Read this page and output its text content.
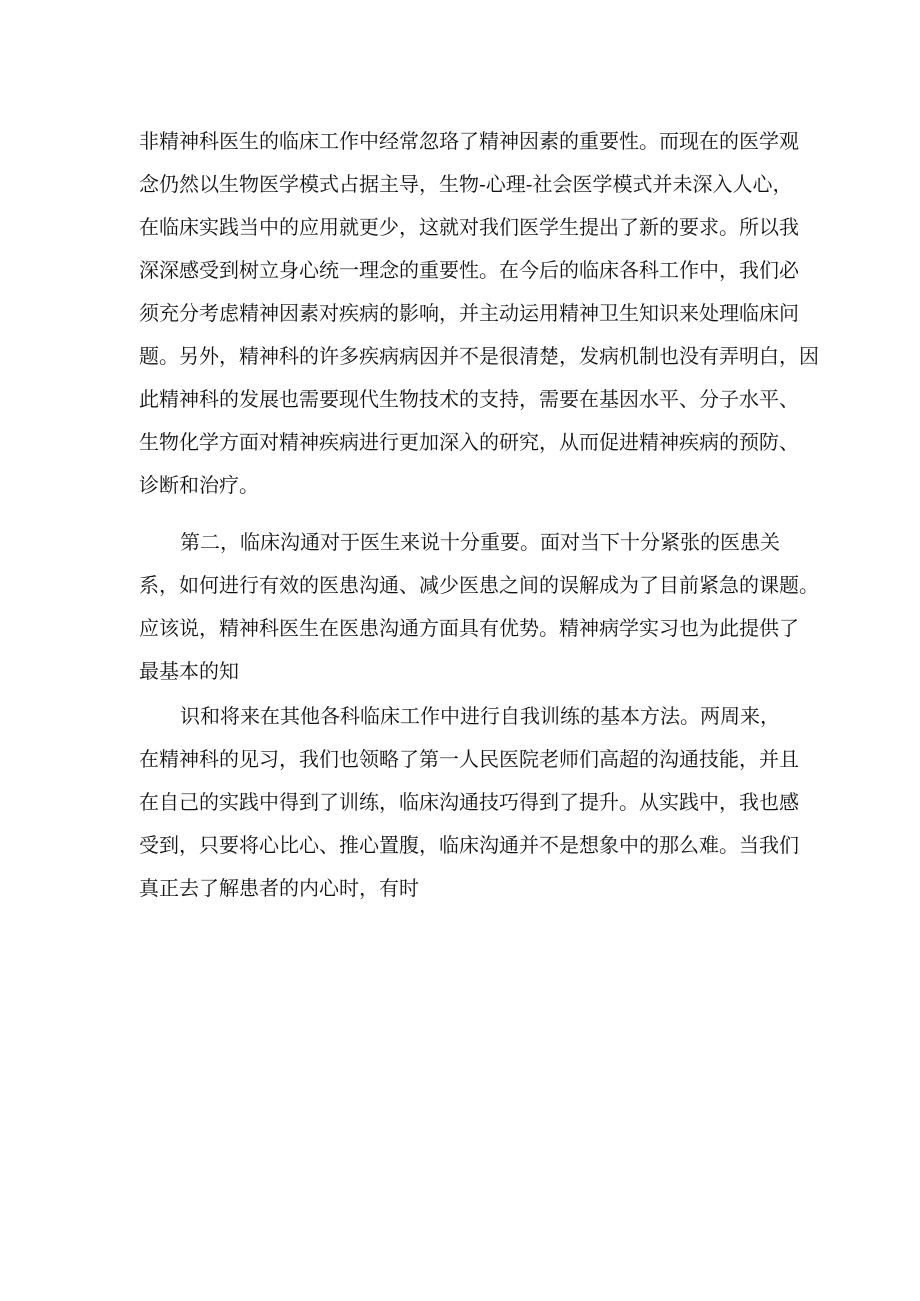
非精神科医生的临床工作中经常忽珞了精神因素的重要性。而现在的医学观
念仍然以生物医学模式占据主导，生物-心理-社会医学模式并未深入人心，
在临床实践当中的应用就更少，这就对我们医学生提出了新的要求。所以我
深深感受到树立身心统一理念的重要性。在今后的临床各科工作中，我们必
须充分考虑精神因素对疾病的影响，并主动运用精神卫生知识来处理临床问
题。另外，精神科的许多疾病病因并不是很清楚，发病机制也没有弄明白，因
此精神科的发展也需要现代生物技术的支持，需要在基因水平、分子水平、
生物化学方面对精神疾病进行更加深入的研究，从而促进精神疾病的预防、
诊断和治疗。
第二，临床沟通对于医生来说十分重要。面对当下十分紧张的医患关
系，如何进行有效的医患沟通、减少医患之间的误解成为了目前紧急的课题。
应该说，精神科医生在医患沟通方面具有优势。精神病学实习也为此提供了
最基本的知
识和将来在其他各科临床工作中进行自我训练的基本方法。两周来，
在精神科的见习，我们也领略了第一人民医院老师们高超的沟通技能，并且
在自己的实践中得到了训练，临床沟通技巧得到了提升。从实践中，我也感
受到，只要将心比心、推心置腹，临床沟通并不是想象中的那么难。当我们
真正去了解患者的内心时，有时
